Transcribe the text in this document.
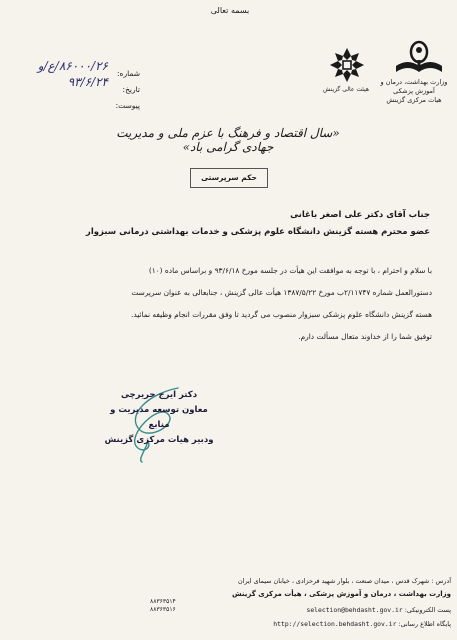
بسمه تعالی
وزارت بهداشت، درمان و آموزش پزشکی
هیات مرکزی گزینش
هیئت عالی گزینش
شماره:
تاریخ:
پیوست:
۸۶۰۰۰/۲۶/ع/و
۹۳/۶/۲۴
«سال اقتصاد و فرهنگ با عزم ملی و مدیریت جهادی گرامی باد»
حکم سرپرستی
جناب آقای دکتر علی اصغر باغانی
عضو محترم هسته گزینش دانشگاه علوم پزشکی و خدمات بهداشتی درمانی سبزوار

با سلام و احترام ، با توجه به موافقت این هیأت در جلسه مورخ ۹۳/۶/۱۸ و براساس ماده (۱۰)

دستورالعمل شماره ۲/۱۱۷۴۷ب مورخ ۱۳۸۷/۵/۲۲ هیأت عالی گزینش ، جنابعالی به عنوان سرپرست

هسته گزینش دانشگاه علوم پزشکی سبزوار منصوب می گردید تا وفق مقررات انجام وظیفه نمائید.

توفیق شما را از خداوند متعال مسألت دارم.

دکتر ایرج حریرچی
معاون توسعه مدیریت و منابع
ودبیر هیات مرکزی گزینش
آدرس : شهرک قدس ، میدان صنعت ، بلوار شهید فرحزادی ، خیابان سیمای ایران
وزارت بهداشت ، درمان و آموزش پزشکی ، هیأت مرکزی گزینش
پست الکترونیکی: selection@behdasht.gov.ir
پایگاه اطلاع رسانی: http://selection.behdasht.gov.ir
۸۸۳۶۳۵۱۴
۸۸۳۶۳۵۱۶
